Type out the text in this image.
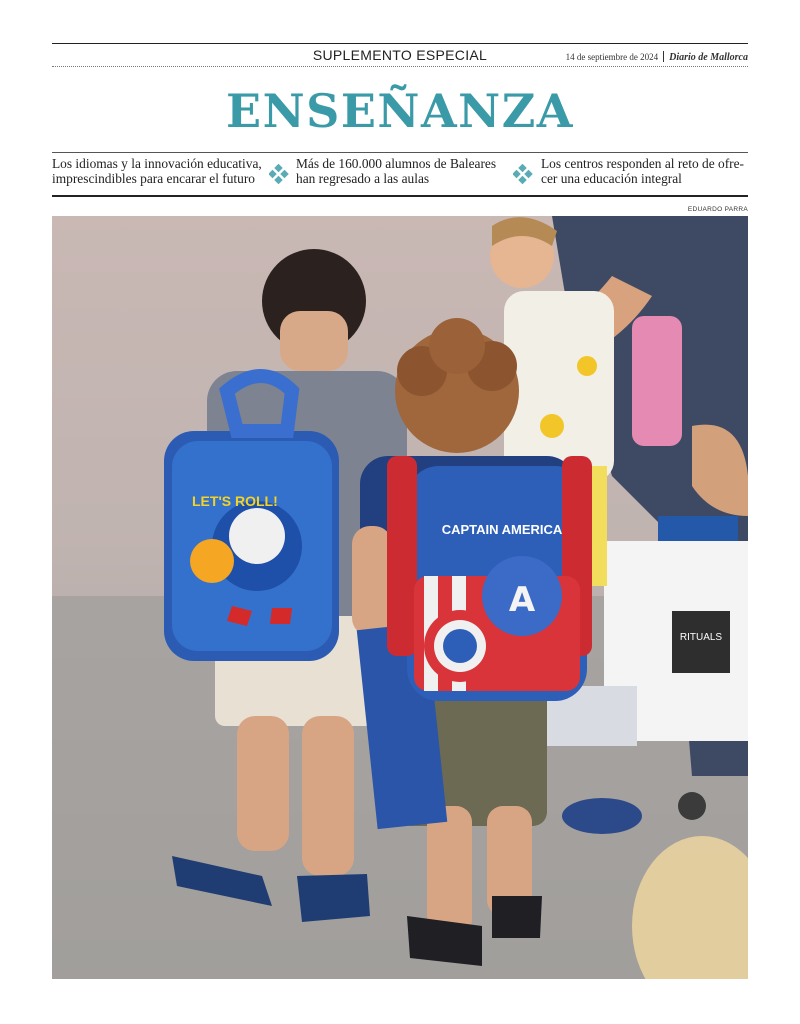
SUPLEMENTO ESPECIAL	14 de septiembre de 2024 Diario de Mallorca
ENSEÑANZA
Los idiomas y la innovación educativa,
imprescindibles para encarar el futuro
Más de 160.000 alumnos de Baleares
han regresado a las aulas
Los centros responden al reto de ofre-
cer una educación integral
EDUARDO PARRA
RITUALS
LET'S ROLL!
A
CAPTAIN AMERICA
